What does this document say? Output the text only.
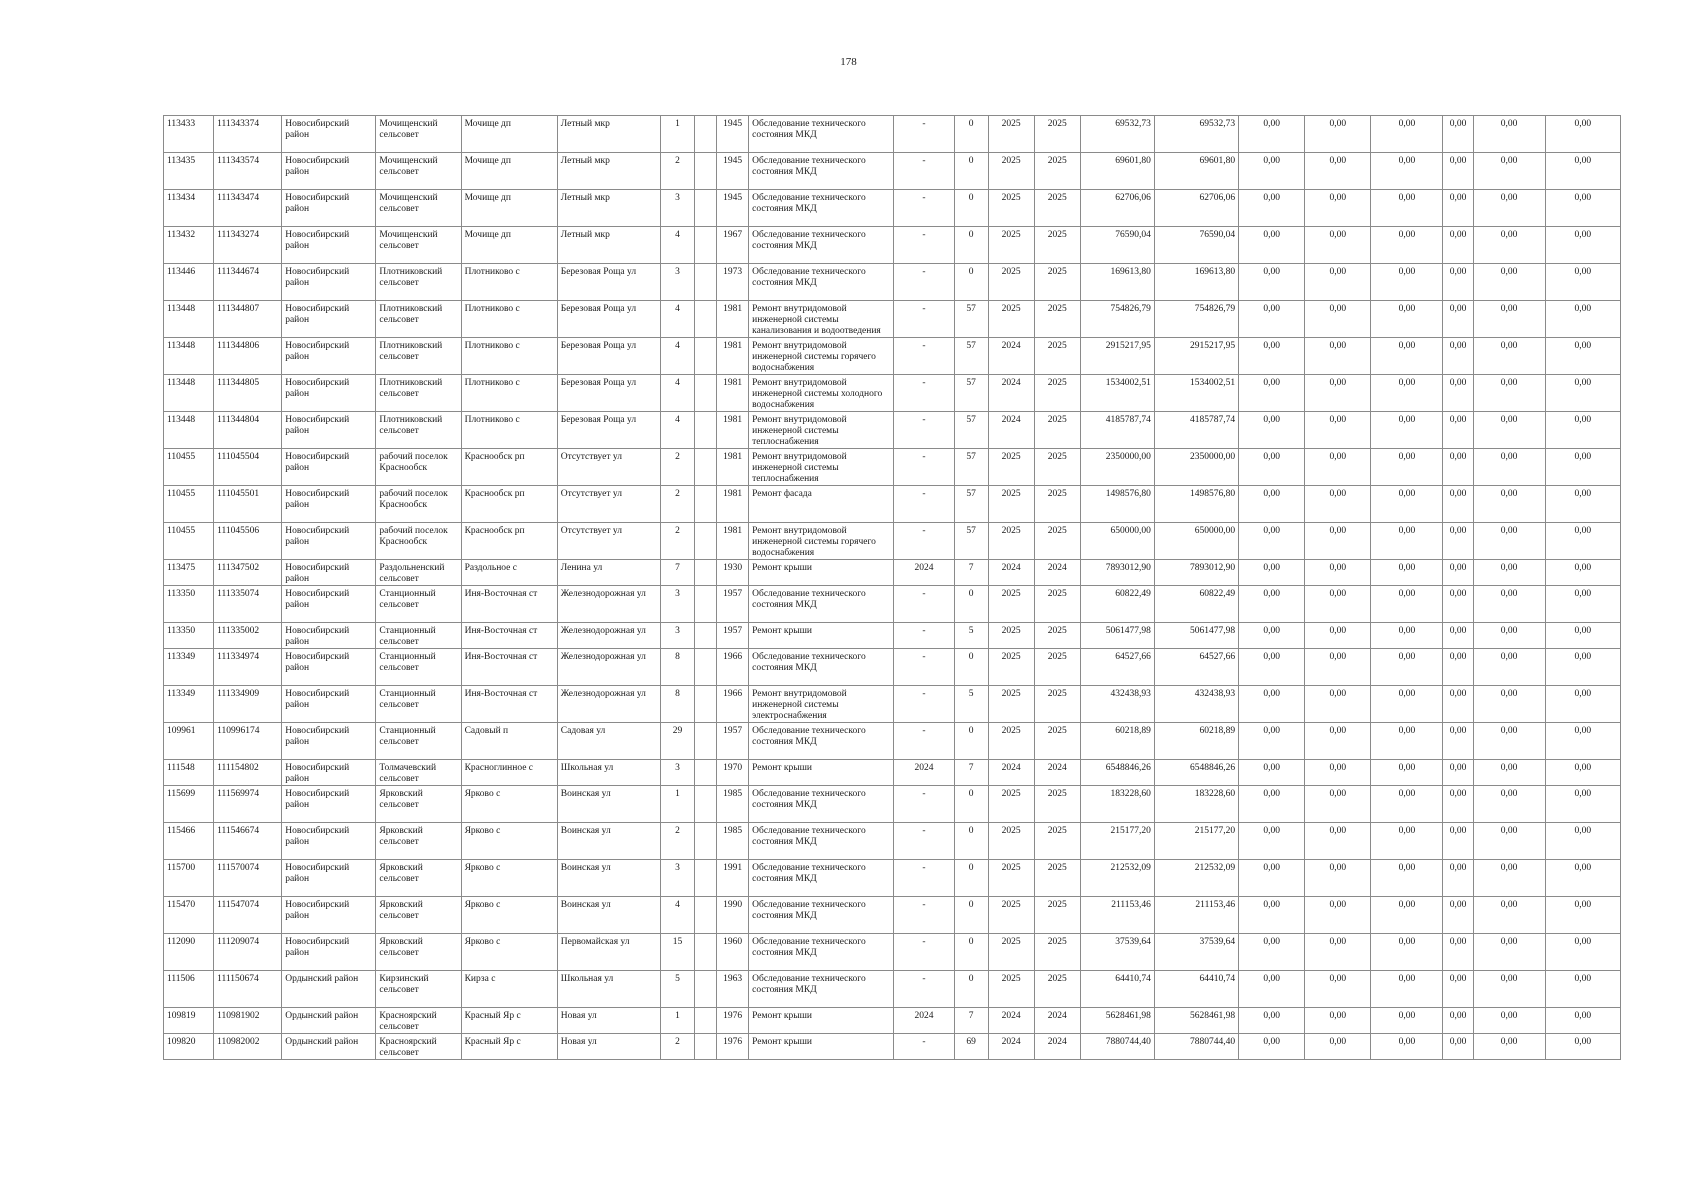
178
113433	111343374	Новосибирский район	Мочищенский сельсовет	Мочище дп	Летный мкр	1		1945	Обследование технического состояния МКД	-	0	2025	2025	69532,73	69532,73	0,00	0,00	0,00	0,00	0,00	0,00
113435	111343574	Новосибирский район	Мочищенский сельсовет	Мочище дп	Летный мкр	2		1945	Обследование технического состояния МКД	-	0	2025	2025	69601,80	69601,80	0,00	0,00	0,00	0,00	0,00	0,00
113434	111343474	Новосибирский район	Мочищенский сельсовет	Мочище дп	Летный мкр	3		1945	Обследование технического состояния МКД	-	0	2025	2025	62706,06	62706,06	0,00	0,00	0,00	0,00	0,00	0,00
113432	111343274	Новосибирский район	Мочищенский сельсовет	Мочище дп	Летный мкр	4		1967	Обследование технического состояния МКД	-	0	2025	2025	76590,04	76590,04	0,00	0,00	0,00	0,00	0,00	0,00
113446	111344674	Новосибирский район	Плотниковский сельсовет	Плотниково с	Березовая Роща ул	3		1973	Обследование технического состояния МКД	-	0	2025	2025	169613,80	169613,80	0,00	0,00	0,00	0,00	0,00	0,00
113448	111344807	Новосибирский район	Плотниковский сельсовет	Плотниково с	Березовая Роща ул	4		1981	Ремонт внутридомовой инженерной системы канализования и водоотведения	-	57	2025	2025	754826,79	754826,79	0,00	0,00	0,00	0,00	0,00	0,00
113448	111344806	Новосибирский район	Плотниковский сельсовет	Плотниково с	Березовая Роща ул	4		1981	Ремонт внутридомовой инженерной системы горячего водоснабжения	-	57	2024	2025	2915217,95	2915217,95	0,00	0,00	0,00	0,00	0,00	0,00
113448	111344805	Новосибирский район	Плотниковский сельсовет	Плотниково с	Березовая Роща ул	4		1981	Ремонт внутридомовой инженерной системы холодного водоснабжения	-	57	2024	2025	1534002,51	1534002,51	0,00	0,00	0,00	0,00	0,00	0,00
113448	111344804	Новосибирский район	Плотниковский сельсовет	Плотниково с	Березовая Роща ул	4		1981	Ремонт внутридомовой инженерной системы теплоснабжения	-	57	2024	2025	4185787,74	4185787,74	0,00	0,00	0,00	0,00	0,00	0,00
110455	111045504	Новосибирский район	рабочий поселок Краснообск	Краснообск рп	Отсутствует ул	2		1981	Ремонт внутридомовой инженерной системы теплоснабжения	-	57	2025	2025	2350000,00	2350000,00	0,00	0,00	0,00	0,00	0,00	0,00
110455	111045501	Новосибирский район	рабочий поселок Краснообск	Краснообск рп	Отсутствует ул	2		1981	Ремонт фасада	-	57	2025	2025	1498576,80	1498576,80	0,00	0,00	0,00	0,00	0,00	0,00
110455	111045506	Новосибирский район	рабочий поселок Краснообск	Краснообск рп	Отсутствует ул	2		1981	Ремонт внутридомовой инженерной системы горячего водоснабжения	-	57	2025	2025	650000,00	650000,00	0,00	0,00	0,00	0,00	0,00	0,00
113475	111347502	Новосибирский район	Раздольненский сельсовет	Раздольное с	Ленина ул	7		1930	Ремонт крыши	2024	7	2024	2024	7893012,90	7893012,90	0,00	0,00	0,00	0,00	0,00	0,00
113350	111335074	Новосибирский район	Станционный сельсовет	Иня-Восточная ст	Железнодорожная ул	3		1957	Обследование технического состояния МКД	-	0	2025	2025	60822,49	60822,49	0,00	0,00	0,00	0,00	0,00	0,00
113350	111335002	Новосибирский район	Станционный сельсовет	Иня-Восточная ст	Железнодорожная ул	3		1957	Ремонт крыши	-	5	2025	2025	5061477,98	5061477,98	0,00	0,00	0,00	0,00	0,00	0,00
113349	111334974	Новосибирский район	Станционный сельсовет	Иня-Восточная ст	Железнодорожная ул	8		1966	Обследование технического состояния МКД	-	0	2025	2025	64527,66	64527,66	0,00	0,00	0,00	0,00	0,00	0,00
113349	111334909	Новосибирский район	Станционный сельсовет	Иня-Восточная ст	Железнодорожная ул	8		1966	Ремонт внутридомовой инженерной системы электроснабжения	-	5	2025	2025	432438,93	432438,93	0,00	0,00	0,00	0,00	0,00	0,00
109961	110996174	Новосибирский район	Станционный сельсовет	Садовый п	Садовая ул	29		1957	Обследование технического состояния МКД	-	0	2025	2025	60218,89	60218,89	0,00	0,00	0,00	0,00	0,00	0,00
111548	111154802	Новосибирский район	Толмачевский сельсовет	Красноглинное с	Школьная ул	3		1970	Ремонт крыши	2024	7	2024	2024	6548846,26	6548846,26	0,00	0,00	0,00	0,00	0,00	0,00
115699	111569974	Новосибирский район	Ярковский сельсовет	Ярково с	Воинская ул	1		1985	Обследование технического состояния МКД	-	0	2025	2025	183228,60	183228,60	0,00	0,00	0,00	0,00	0,00	0,00
115466	111546674	Новосибирский район	Ярковский сельсовет	Ярково с	Воинская ул	2		1985	Обследование технического состояния МКД	-	0	2025	2025	215177,20	215177,20	0,00	0,00	0,00	0,00	0,00	0,00
115700	111570074	Новосибирский район	Ярковский сельсовет	Ярково с	Воинская ул	3		1991	Обследование технического состояния МКД	-	0	2025	2025	212532,09	212532,09	0,00	0,00	0,00	0,00	0,00	0,00
115470	111547074	Новосибирский район	Ярковский сельсовет	Ярково с	Воинская ул	4		1990	Обследование технического состояния МКД	-	0	2025	2025	211153,46	211153,46	0,00	0,00	0,00	0,00	0,00	0,00
112090	111209074	Новосибирский район	Ярковский сельсовет	Ярково с	Первомайская ул	15		1960	Обследование технического состояния МКД	-	0	2025	2025	37539,64	37539,64	0,00	0,00	0,00	0,00	0,00	0,00
111506	111150674	Ордынский район	Кирзинский сельсовет	Кирза с	Школьная ул	5		1963	Обследование технического состояния МКД	-	0	2025	2025	64410,74	64410,74	0,00	0,00	0,00	0,00	0,00	0,00
109819	110981902	Ордынский район	Красноярский сельсовет	Красный Яр с	Новая ул	1		1976	Ремонт крыши	2024	7	2024	2024	5628461,98	5628461,98	0,00	0,00	0,00	0,00	0,00	0,00
109820	110982002	Ордынский район	Красноярский сельсовет	Красный Яр с	Новая ул	2		1976	Ремонт крыши	-	69	2024	2024	7880744,40	7880744,40	0,00	0,00	0,00	0,00	0,00	0,00
